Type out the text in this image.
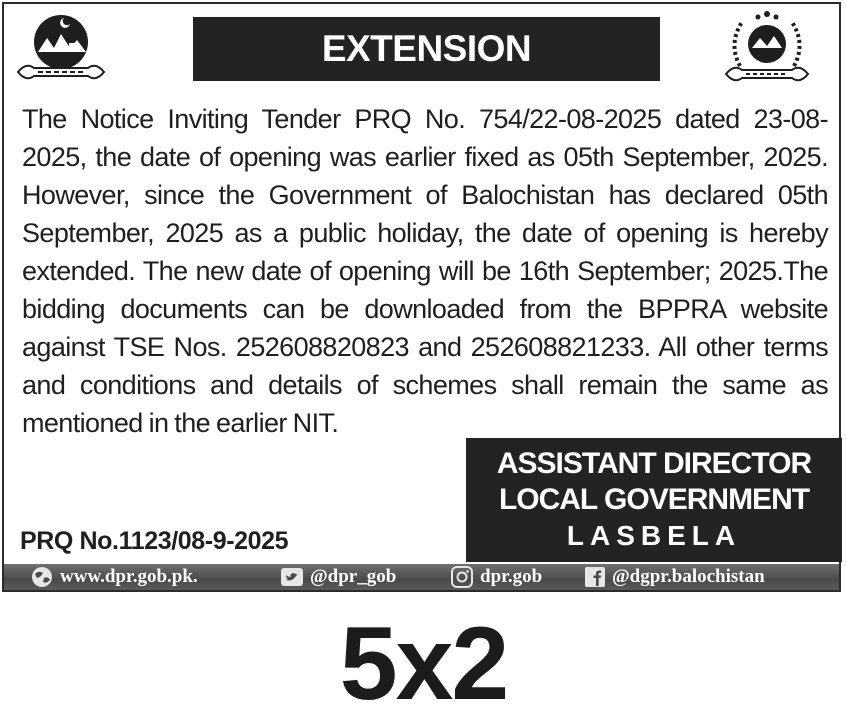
EXTENSION

The Notice Inviting Tender PRQ No. 754/22-08-2025 dated 23-08-2025, the date of opening was earlier fixed as 05th September, 2025. However, since the Government of Balochistan has declared 05th September, 2025 as a public holiday, the date of opening is hereby extended. The new date of opening will be 16th September; 2025.The bidding documents can be downloaded from the BPPRA website against TSE Nos. 252608820823 and 252608821233. All other terms and conditions and details of schemes shall remain the same as mentioned in the earlier NIT.

ASSISTANT DIRECTOR
LOCAL GOVERNMENT
LASBELA
PRQ No.1123/08-9-2025
www.dpr.gob.pk.	@dpr_gob	dpr.gob	@dgpr.balochistan
5x2
